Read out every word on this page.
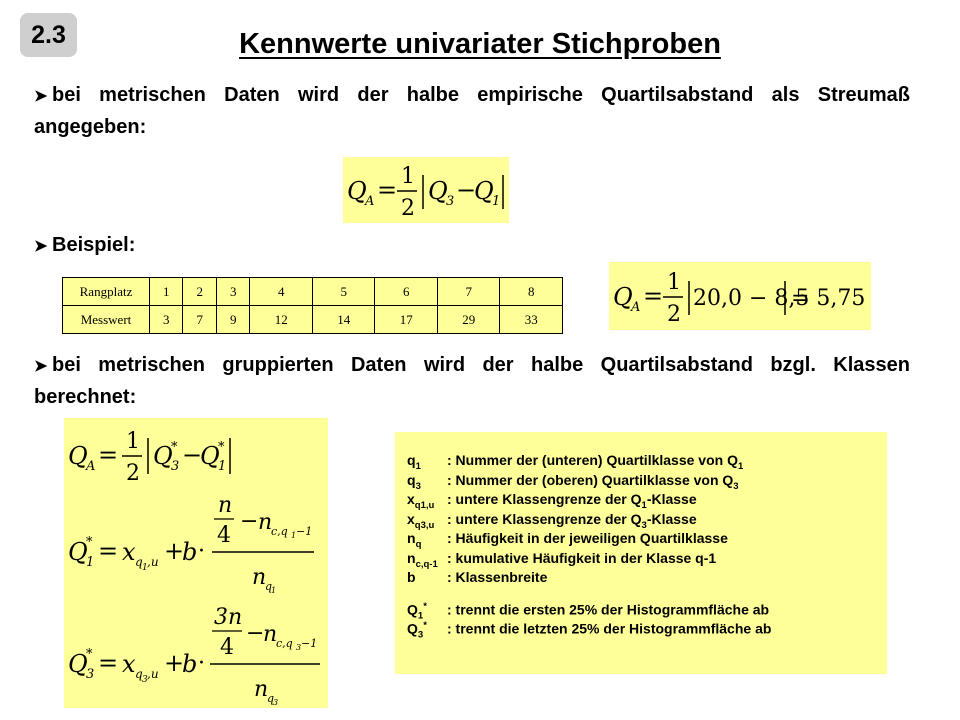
2.3	Kennwerte univariater Stichproben
➤ bei metrischen Daten wird der halbe empirische Quartilsabstand als Streumaß angegeben:
Q
A = 1
2
Q
3 −
Q
1
➤ Beispiel:
Rangplatz	1	2	3	4	5	6	7	8
Messwert	3	7	9	12	14	17	29	33
Q
A = 1
2
20,0 − 8,5
= 5,75
➤ bei metrischen gruppierten Daten wird der halbe Quartilsabstand bzgl. Klassen berechnet:
Q
A = 1
2
Q
*
3 −
Q
*
1
Q
*
1 = x q 1 ,u +
b ·
n
4
− n
c,q 1 −1
n
q
1
Q
*
3 = x q 3 ,u +
b ·
3n
4
−
n
c,q 3 −1
n
q
3
$q_1$ : Nummer der (unteren) Quartilklasse von $Q_1$
$q_3$ : Nummer der (oberen) Quartilklasse von $Q_3$
$x_{q1,u}$ : untere Klassengrenze der $Q_1$-Klasse
$x_{q3,u}$ : untere Klassengrenze der $Q_3$-Klasse
$n_q$ : Häufigkeit in der jeweiligen Quartilklasse
$n_{c,q-1}$ : kumulative Häufigkeit in der Klasse q-1
b : Klassenbreite
$Q_1^*$ : trennt die ersten 25% der Histogrammfläche ab
$Q_3^*$ : trennt die letzten 25% der Histogrammfläche ab
